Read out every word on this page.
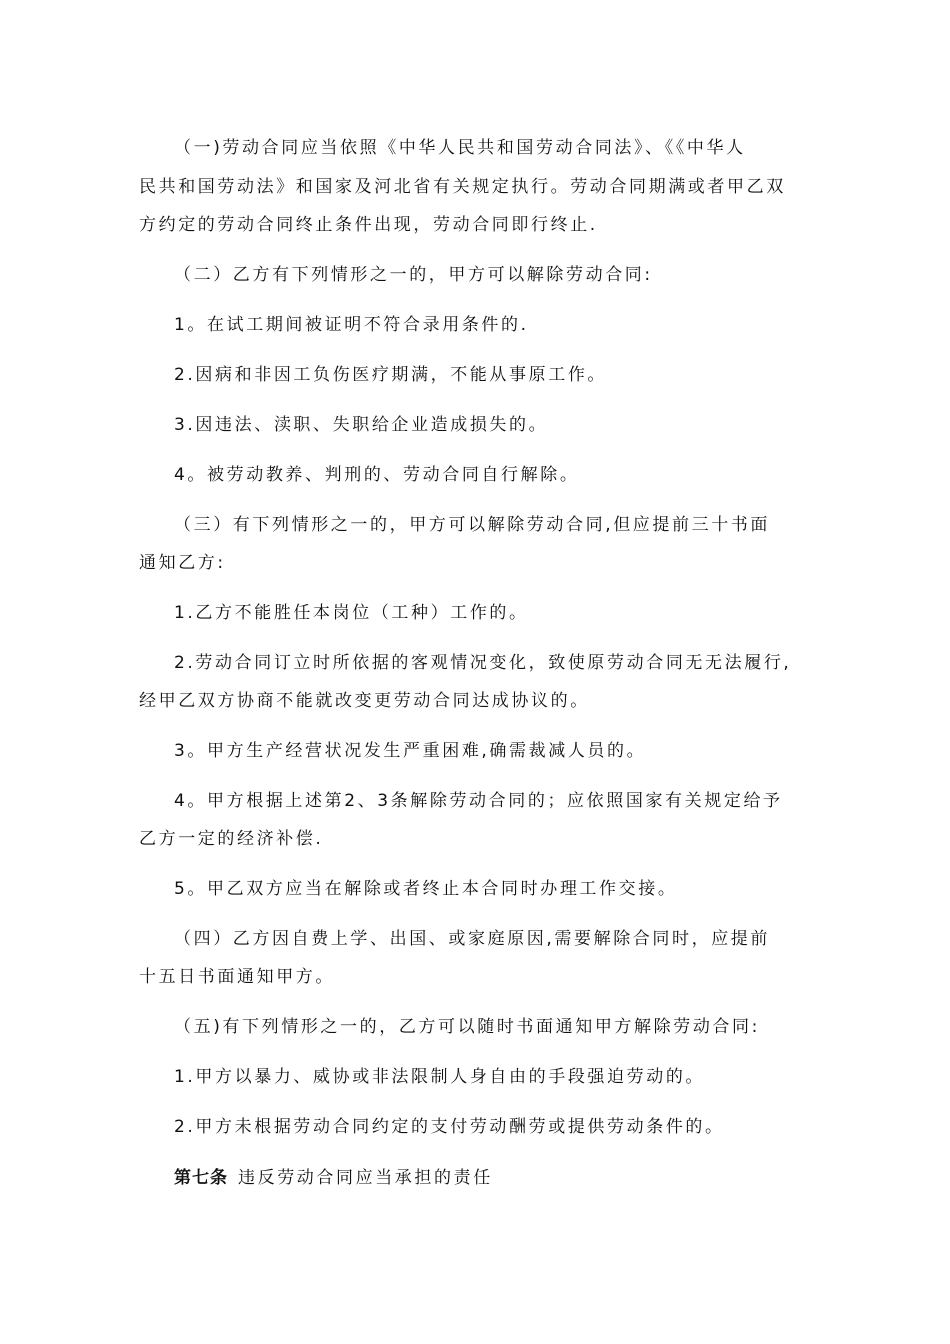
（一)劳动合同应当依照《中华人民共和国劳动合同法》、《《中华人
民共和国劳动法》和国家及河北省有关规定执行。劳动合同期满或者甲乙双
方约定的劳动合同终止条件出现，劳动合同即行终止.
（二）乙方有下列情形之一的，甲方可以解除劳动合同:
1。在试工期间被证明不符合录用条件的.
2.因病和非因工负伤医疗期满，不能从事原工作。
3.因违法、渎职、失职给企业造成损失的。
4。被劳动教养、判刑的、劳动合同自行解除。
（三）有下列情形之一的，甲方可以解除劳动合同,但应提前三十书面
通知乙方:
1.乙方不能胜任本岗位（工种）工作的。
2.劳动合同订立时所依据的客观情况变化，致使原劳动合同无无法履行,
经甲乙双方协商不能就改变更劳动合同达成协议的。
3。甲方生产经营状况发生严重困难,确需裁减人员的。
4。甲方根据上述第2、3条解除劳动合同的；应依照国家有关规定给予
乙方一定的经济补偿.
5。甲乙双方应当在解除或者终止本合同时办理工作交接。
（四）乙方因自费上学、出国、或家庭原因,需要解除合同时，应提前
十五日书面通知甲方。
（五)有下列情形之一的，乙方可以随时书面通知甲方解除劳动合同:
1.甲方以暴力、威协或非法限制人身自由的手段强迫劳动的。
2.甲方未根据劳动合同约定的支付劳动酬劳或提供劳动条件的。
第七条 违反劳动合同应当承担的责任
